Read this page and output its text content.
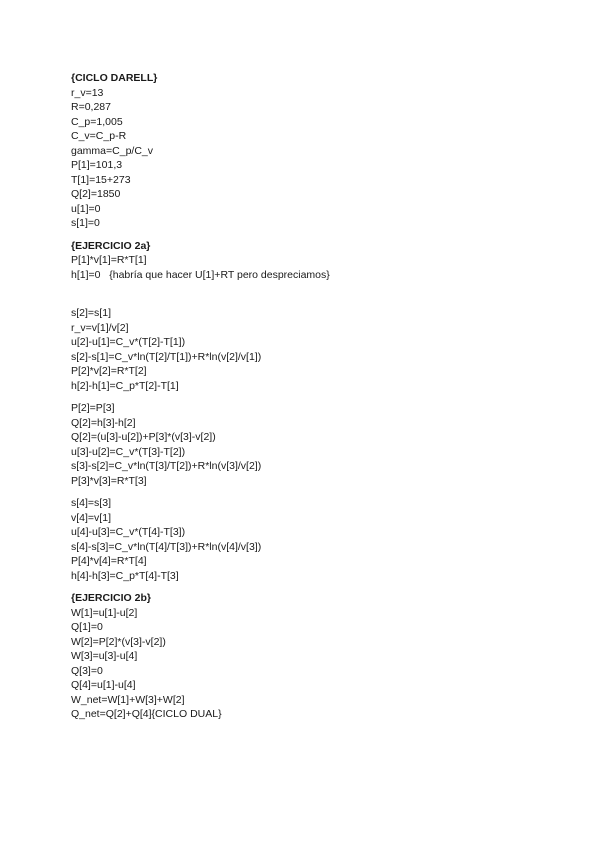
{CICLO DARELL}
r_v=13
R=0,287
C_p=1,005
C_v=C_p-R
gamma=C_p/C_v
P[1]=101,3
T[1]=15+273
Q[2]=1850
u[1]=0
s[1]=0
{EJERCICIO 2a}
P[1]*v[1]=R*T[1]
h[1]=0   {habría que hacer U[1]+RT pero despreciamos}
s[2]=s[1]
r_v=v[1]/v[2]
u[2]-u[1]=C_v*(T[2]-T[1])
s[2]-s[1]=C_v*ln(T[2]/T[1])+R*ln(v[2]/v[1])
P[2]*v[2]=R*T[2]
h[2]-h[1]=C_p*T[2]-T[1]
P[2]=P[3]
Q[2]=h[3]-h[2]
Q[2]=(u[3]-u[2])+P[3]*(v[3]-v[2])
u[3]-u[2]=C_v*(T[3]-T[2])
s[3]-s[2]=C_v*ln(T[3]/T[2])+R*ln(v[3]/v[2])
P[3]*v[3]=R*T[3]
s[4]=s[3]
v[4]=v[1]
u[4]-u[3]=C_v*(T[4]-T[3])
s[4]-s[3]=C_v*ln(T[4]/T[3])+R*ln(v[4]/v[3])
P[4]*v[4]=R*T[4]
h[4]-h[3]=C_p*T[4]-T[3]
{EJERCICIO 2b}
W[1]=u[1]-u[2]
Q[1]=0
W[2]=P[2]*(v[3]-v[2])
W[3]=u[3]-u[4]
Q[3]=0
Q[4]=u[1]-u[4]
W_net=W[1]+W[3]+W[2]
Q_net=Q[2]+Q[4]{CICLO DUAL}
